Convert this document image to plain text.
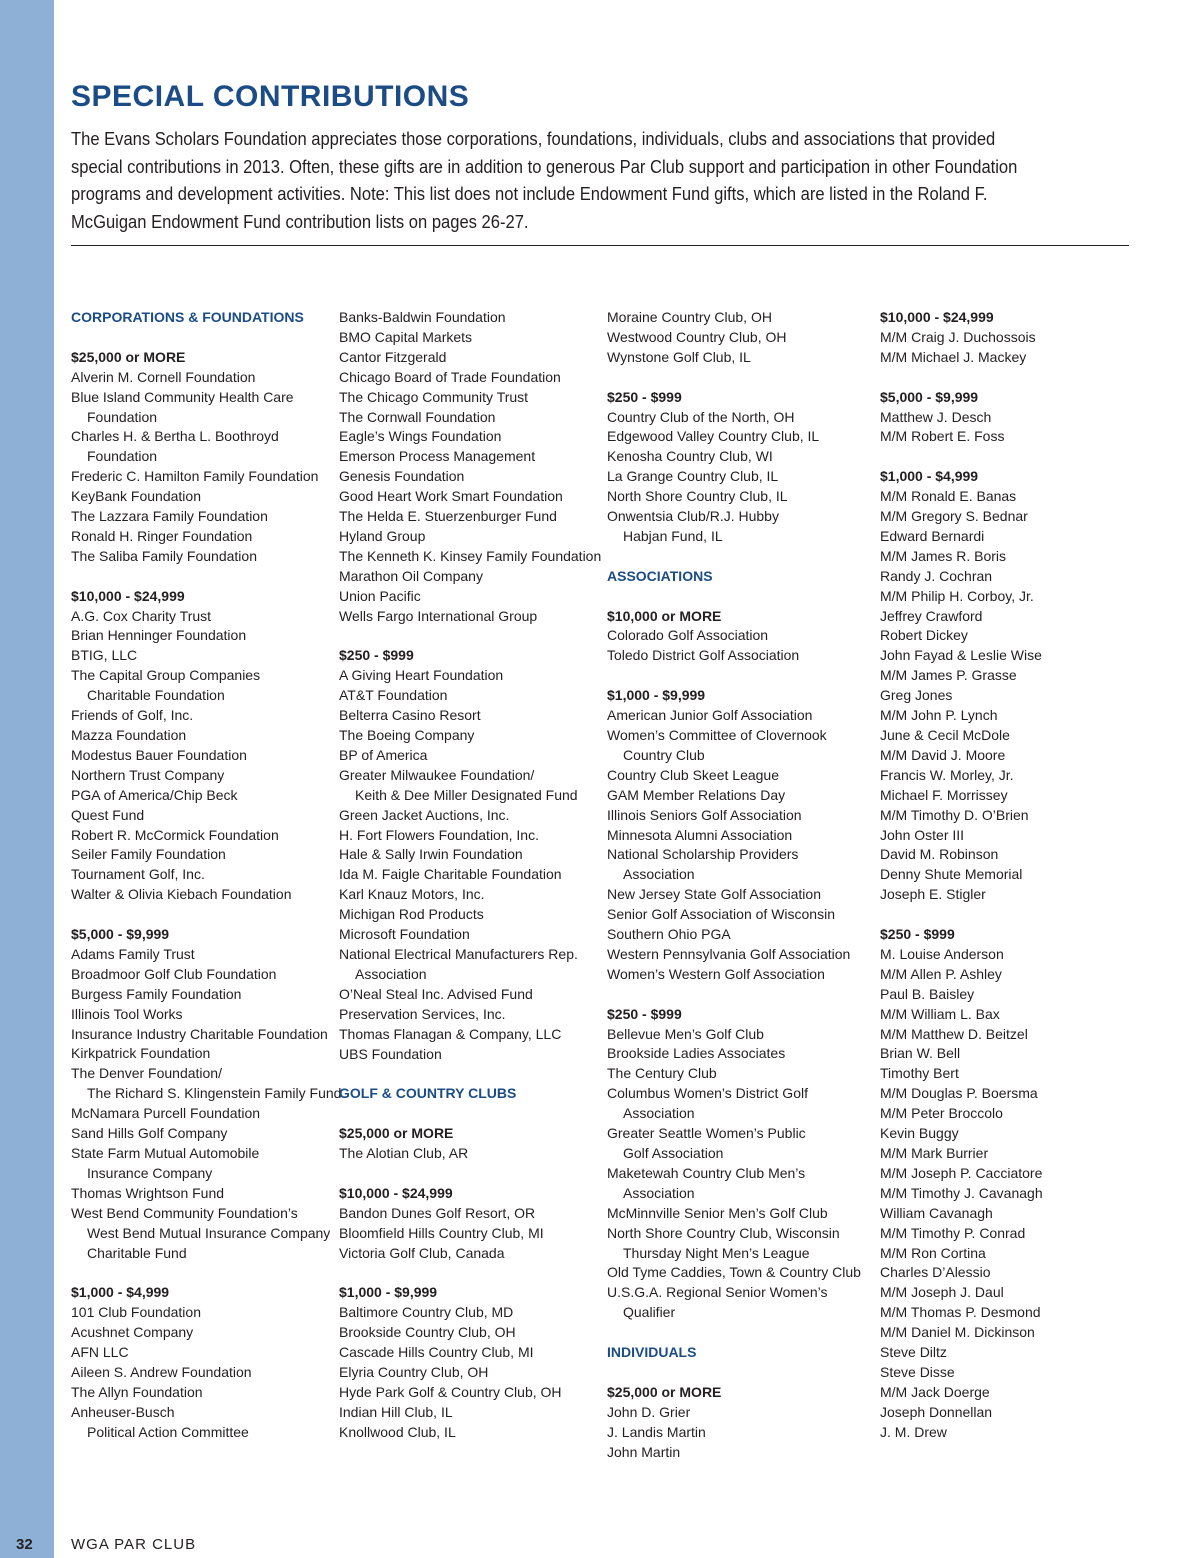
SPECIAL CONTRIBUTIONS

The Evans Scholars Foundation appreciates those corporations, foundations, individuals, clubs and associations that provided special contributions in 2013. Often, these gifts are in addition to generous Par Club support and participation in other Foundation programs and development activities. Note: This list does not include Endowment Fund gifts, which are listed in the Roland F. McGuigan Endowment Fund contribution lists on pages 26-27.

CORPORATIONS & FOUNDATIONS
$25,000 or MORE
Alverin M. Cornell Foundation
Blue Island Community Health Care
Foundation
Charles H. & Bertha L. Boothroyd
Foundation
Frederic C. Hamilton Family Foundation
KeyBank Foundation
The Lazzara Family Foundation
Ronald H. Ringer Foundation
The Saliba Family Foundation
$10,000 - $24,999
A.G. Cox Charity Trust
Brian Henninger Foundation
BTIG, LLC
The Capital Group Companies
Charitable Foundation
Friends of Golf, Inc.
Mazza Foundation
Modestus Bauer Foundation
Northern Trust Company
PGA of America/Chip Beck
Quest Fund
Robert R. McCormick Foundation
Seiler Family Foundation
Tournament Golf, Inc.
Walter & Olivia Kiebach Foundation
$5,000 - $9,999
Adams Family Trust
Broadmoor Golf Club Foundation
Burgess Family Foundation
Illinois Tool Works
Insurance Industry Charitable Foundation
Kirkpatrick Foundation
The Denver Foundation/
The Richard S. Klingenstein Family Fund
McNamara Purcell Foundation
Sand Hills Golf Company
State Farm Mutual Automobile
Insurance Company
Thomas Wrightson Fund
West Bend Community Foundation’s
West Bend Mutual Insurance Company
Charitable Fund
$1,000 - $4,999
101 Club Foundation
Acushnet Company
AFN LLC
Aileen S. Andrew Foundation
The Allyn Foundation
Anheuser-Busch
Political Action Committee
Banks-Baldwin Foundation
BMO Capital Markets
Cantor Fitzgerald
Chicago Board of Trade Foundation
The Chicago Community Trust
The Cornwall Foundation
Eagle’s Wings Foundation
Emerson Process Management
Genesis Foundation
Good Heart Work Smart Foundation
The Helda E. Stuerzenburger Fund
Hyland Group
The Kenneth K. Kinsey Family Foundation
Marathon Oil Company
Union Pacific
Wells Fargo International Group
$250 - $999
A Giving Heart Foundation
AT&T Foundation
Belterra Casino Resort
The Boeing Company
BP of America
Greater Milwaukee Foundation/
Keith & Dee Miller Designated Fund
Green Jacket Auctions, Inc.
H. Fort Flowers Foundation, Inc.
Hale & Sally Irwin Foundation
Ida M. Faigle Charitable Foundation
Karl Knauz Motors, Inc.
Michigan Rod Products
Microsoft Foundation
National Electrical Manufacturers Rep.
Association
O’Neal Steal Inc. Advised Fund
Preservation Services, Inc.
Thomas Flanagan & Company, LLC
UBS Foundation
GOLF & COUNTRY CLUBS
$25,000 or MORE
The Alotian Club, AR
$10,000 - $24,999
Bandon Dunes Golf Resort, OR
Bloomfield Hills Country Club, MI
Victoria Golf Club, Canada
$1,000 - $9,999
Baltimore Country Club, MD
Brookside Country Club, OH
Cascade Hills Country Club, MI
Elyria Country Club, OH
Hyde Park Golf & Country Club, OH
Indian Hill Club, IL
Knollwood Club, IL
Moraine Country Club, OH
Westwood Country Club, OH
Wynstone Golf Club, IL
$250 - $999
Country Club of the North, OH
Edgewood Valley Country Club, IL
Kenosha Country Club, WI
La Grange Country Club, IL
North Shore Country Club, IL
Onwentsia Club/R.J. Hubby
Habjan Fund, IL
ASSOCIATIONS
$10,000 or MORE
Colorado Golf Association
Toledo District Golf Association
$1,000 - $9,999
American Junior Golf Association
Women’s Committee of Clovernook
Country Club
Country Club Skeet League
GAM Member Relations Day
Illinois Seniors Golf Association
Minnesota Alumni Association
National Scholarship Providers
Association
New Jersey State Golf Association
Senior Golf Association of Wisconsin
Southern Ohio PGA
Western Pennsylvania Golf Association
Women’s Western Golf Association
$250 - $999
Bellevue Men’s Golf Club
Brookside Ladies Associates
The Century Club
Columbus Women’s District Golf
Association
Greater Seattle Women’s Public
Golf Association
Maketewah Country Club Men’s
Association
McMinnville Senior Men’s Golf Club
North Shore Country Club, Wisconsin
Thursday Night Men’s League
Old Tyme Caddies, Town & Country Club
U.S.G.A. Regional Senior Women’s
Qualifier
INDIVIDUALS
$25,000 or MORE
John D. Grier
J. Landis Martin
John Martin
$10,000 - $24,999
M/M Craig J. Duchossois
M/M Michael J. Mackey
$5,000 - $9,999
Matthew J. Desch
M/M Robert E. Foss
$1,000 - $4,999
M/M Ronald E. Banas
M/M Gregory S. Bednar
Edward Bernardi
M/M James R. Boris
Randy J. Cochran
M/M Philip H. Corboy, Jr.
Jeffrey Crawford
Robert Dickey
John Fayad & Leslie Wise
M/M James P. Grasse
Greg Jones
M/M John P. Lynch
June & Cecil McDole
M/M David J. Moore
Francis W. Morley, Jr.
Michael F. Morrissey
M/M Timothy D. O’Brien
John Oster III
David M. Robinson
Denny Shute Memorial
Joseph E. Stigler
$250 - $999
M. Louise Anderson
M/M Allen P. Ashley
Paul B. Baisley
M/M William L. Bax
M/M Matthew D. Beitzel
Brian W. Bell
Timothy Bert
M/M Douglas P. Boersma
M/M Peter Broccolo
Kevin Buggy
M/M Mark Burrier
M/M Joseph P. Cacciatore
M/M Timothy J. Cavanagh
William Cavanagh
M/M Timothy P. Conrad
M/M Ron Cortina
Charles D’Alessio
M/M Joseph J. Daul
M/M Thomas P. Desmond
M/M Daniel M. Dickinson
Steve Diltz
Steve Disse
M/M Jack Doerge
Joseph Donnellan
J. M. Drew
32	WGA PAR CLUB
